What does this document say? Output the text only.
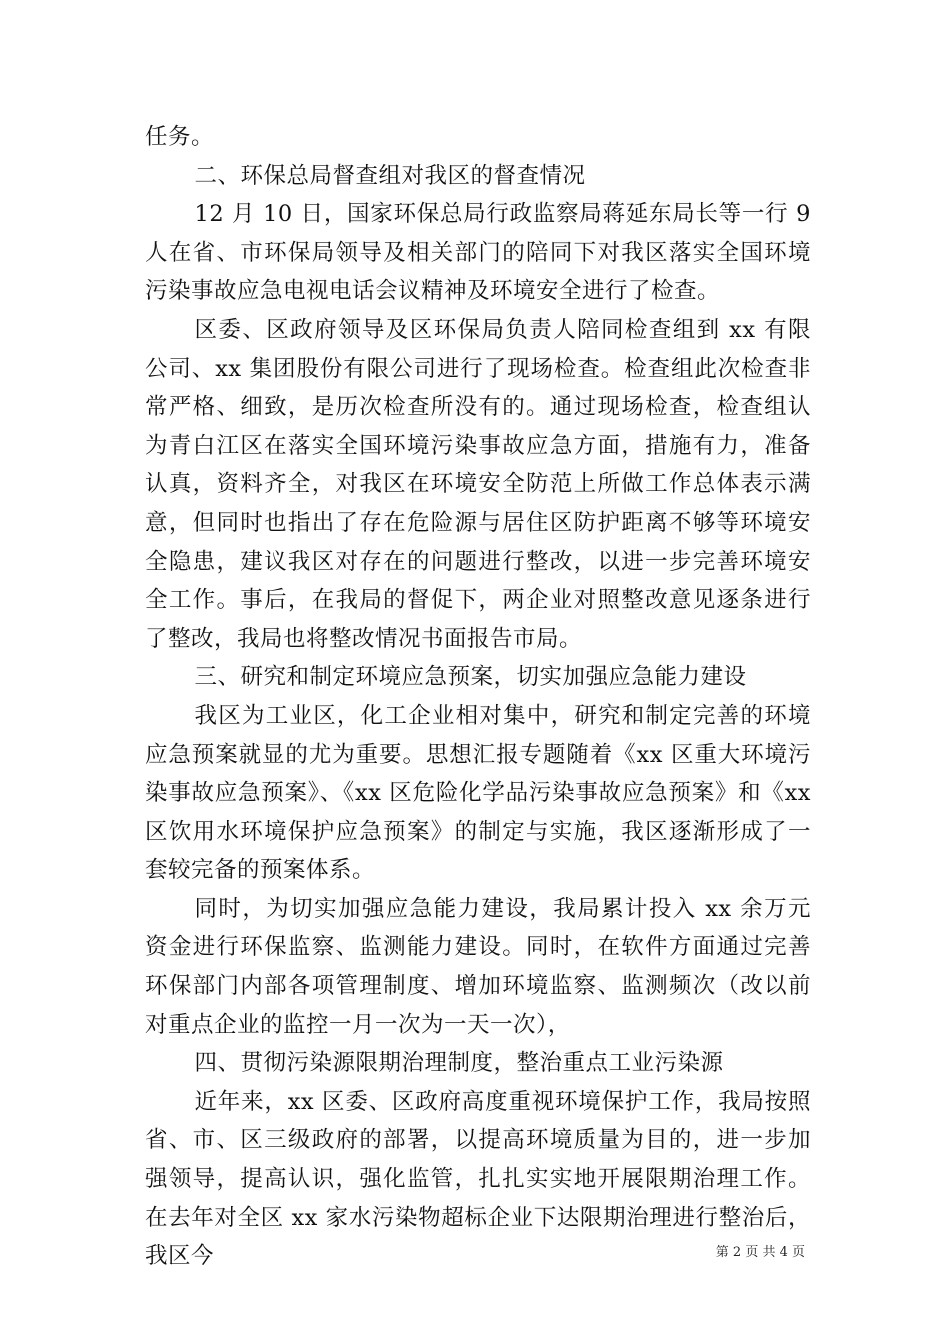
任务。

二、环保总局督查组对我区的督查情况

12 月 10 日，国家环保总局行政监察局蒋延东局长等一行 9 人在省、市环保局领导及相关部门的陪同下对我区落实全国环境污染事故应急电视电话会议精神及环境安全进行了检查。

区委、区政府领导及区环保局负责人陪同检查组到 xx 有限公司、xx 集团股份有限公司进行了现场检查。检查组此次检查非常严格、细致，是历次检查所没有的。通过现场检查，检查组认为青白江区在落实全国环境污染事故应急方面，措施有力，准备认真，资料齐全，对我区在环境安全防范上所做工作总体表示满意，但同时也指出了存在危险源与居住区防护距离不够等环境安全隐患，建议我区对存在的问题进行整改，以进一步完善环境安全工作。事后，在我局的督促下，两企业对照整改意见逐条进行了整改，我局也将整改情况书面报告市局。

三、研究和制定环境应急预案，切实加强应急能力建设

我区为工业区，化工企业相对集中，研究和制定完善的环境应急预案就显的尤为重要。思想汇报专题随着《xx 区重大环境污染事故应急预案》、《xx 区危险化学品污染事故应急预案》和《xx 区饮用水环境保护应急预案》的制定与实施，我区逐渐形成了一套较完备的预案体系。

同时，为切实加强应急能力建设，我局累计投入 xx 余万元资金进行环保监察、监测能力建设。同时，在软件方面通过完善环保部门内部各项管理制度、增加环境监察、监测频次（改以前对重点企业的监控一月一次为一天一次），

四、贯彻污染源限期治理制度，整治重点工业污染源

近年来，xx 区委、区政府高度重视环境保护工作，我局按照省、市、区三级政府的部署，以提高环境质量为目的，进一步加强领导，提高认识，强化监管，扎扎实实地开展限期治理工作。在去年对全区 xx 家水污染物超标企业下达限期治理进行整治后，我区今	第 2 页 共 4 页
